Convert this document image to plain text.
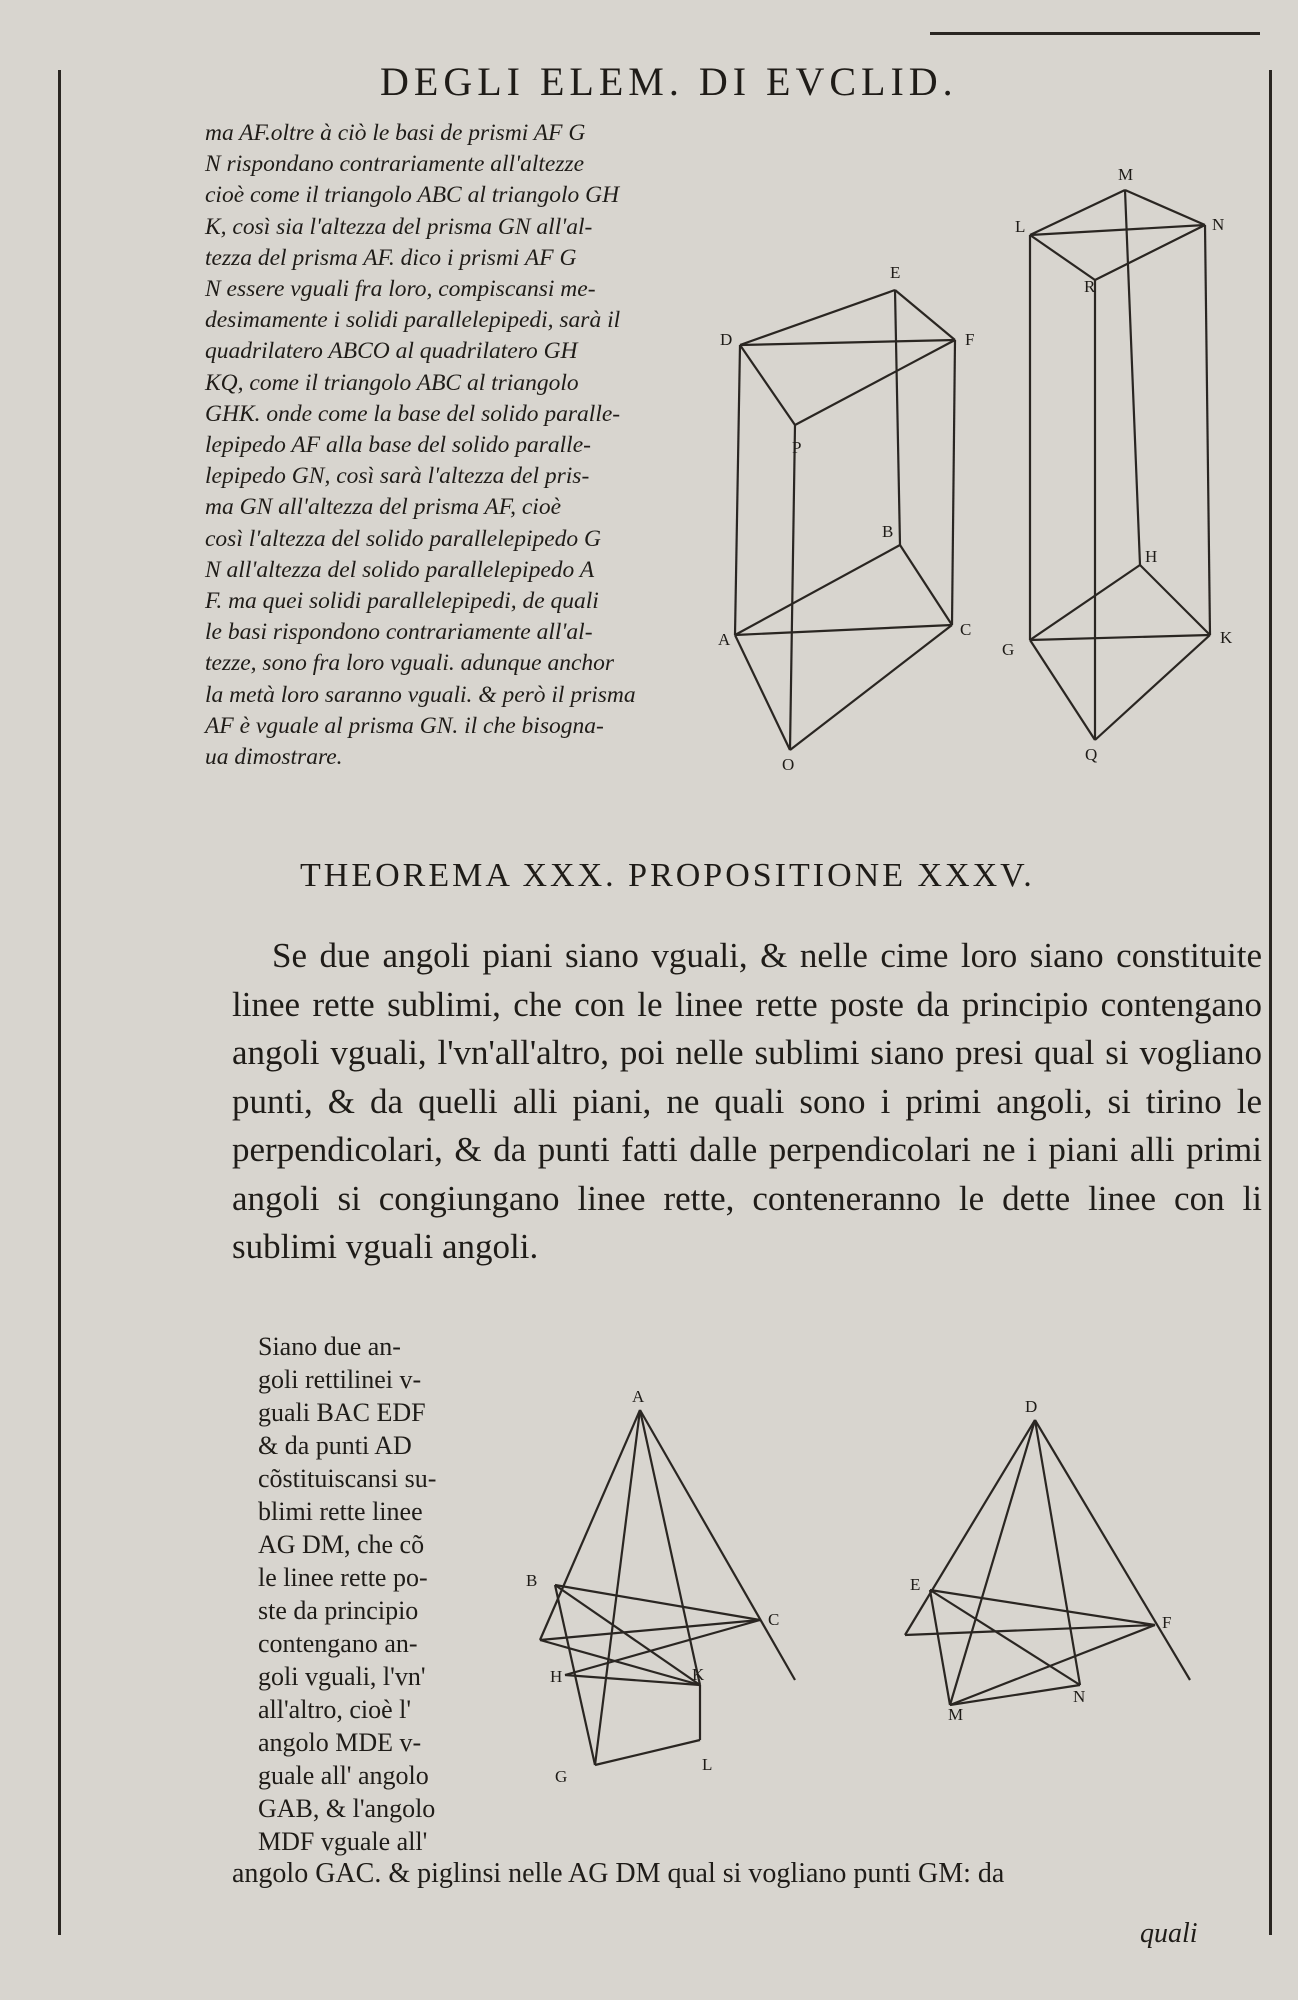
DEGLI ELEM. DI EVCLID.

ma AF.oltre à ciò le basi de prismi AF G

N rispondano contrariamente all'altezze

cioè come il triangolo ABC al triangolo GH

K, così sia l'altezza del prisma GN all'al-

tezza del prisma AF. dico i prismi AF G

N essere vguali fra loro, compiscansi me-

desimamente i solidi parallelepipedi, sarà il

quadrilatero ABCO al quadrilatero GH

KQ, come il triangolo ABC al triangolo

GHK. onde come la base del solido paralle-

lepipedo AF alla base del solido paralle-

lepipedo GN, così sarà l'altezza del pris-

ma GN all'altezza del prisma AF, cioè

così l'altezza del solido parallelepipedo G

N all'altezza del solido parallelepipedo A

F. ma quei solidi parallelepipedi, de quali

le basi rispondono contrariamente all'al-

tezze, sono fra loro vguali. adunque anchor

la metà loro saranno vguali. & però il prisma

AF è vguale al prisma GN. il che bisogna-

ua dimostrare.

E
D	F
P
B
A
C
O
M
L	N
R
H
G
K
Q
THEOREMA XXX. PROPOSITIONE XXXV.

Se due angoli piani siano vguali, & nelle cime loro siano constituite linee rette sublimi, che con le linee rette poste da principio contengano angoli vguali, l'vn'all'altro, poi nelle sublimi siano presi qual si vogliano punti, & da quelli alli piani, ne quali sono i primi angoli, si tirino le perpendicolari, & da punti fatti dalle perpendicolari ne i piani alli primi angoli si congiungano linee rette, conteneranno le dette linee con li sublimi vguali angoli.

Siano due an-

goli rettilinei v-

guali BAC EDF

& da punti AD

cõstituiscansi su-

blimi rette linee

AG DM, che cõ

le linee rette po-

ste da principio

contengano an-

goli vguali, l'vn'

all'altro, cioè l'

angolo MDE v-

guale all' angolo

GAB, & l'angolo

MDF vguale all'

A
B
C
H	K
G
L
D
E
F
M
N
angolo GAC. & piglinsi nelle AG DM qual si vogliano punti GM: da
quali
